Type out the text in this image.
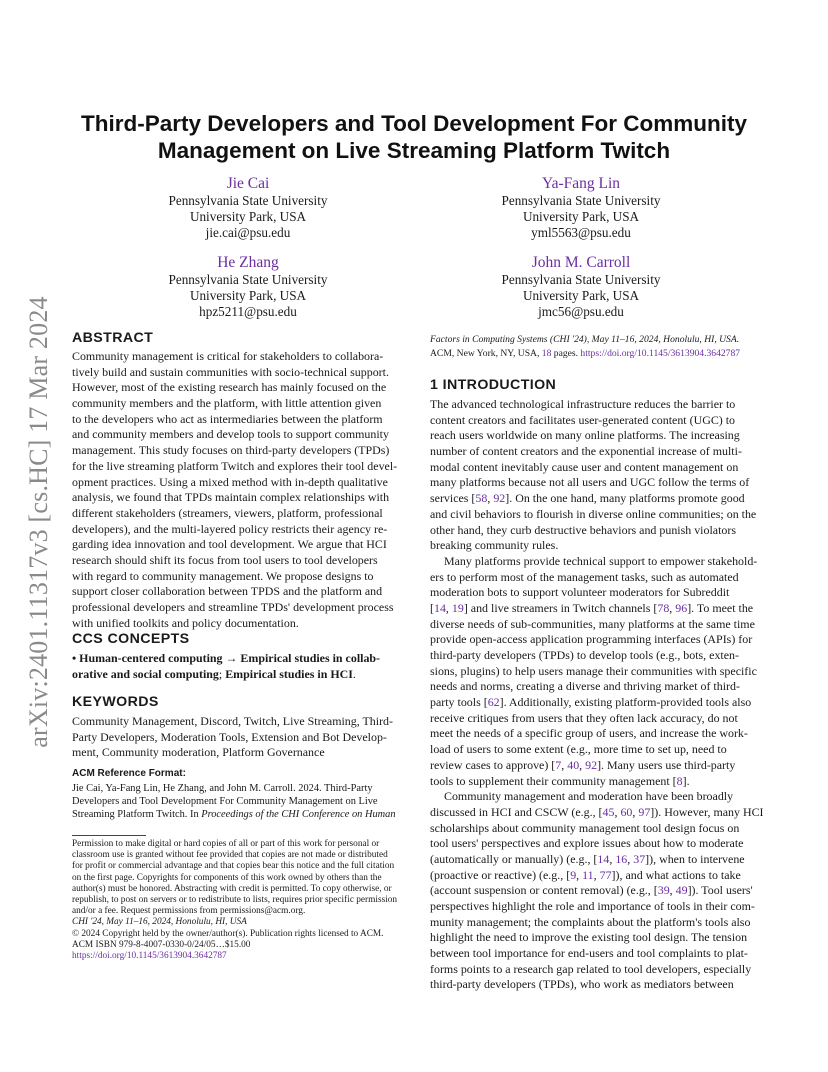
arXiv:2401.11317v3 [cs.HC] 17 Mar 2024
Third-Party Developers and Tool Development For Community
Management on Live Streaming Platform Twitch
Jie Cai
Pennsylvania State University
University Park, USA
jie.cai@psu.edu
Ya-Fang Lin
Pennsylvania State University
University Park, USA
yml5563@psu.edu
He Zhang
Pennsylvania State University
University Park, USA
hpz5211@psu.edu
John M. Carroll
Pennsylvania State University
University Park, USA
jmc56@psu.edu
ABSTRACT
Community management is critical for stakeholders to collabora-
tively build and sustain communities with socio-technical support.
However, most of the existing research has mainly focused on the
community members and the platform, with little attention given
to the developers who act as intermediaries between the platform
and community members and develop tools to support community
management. This study focuses on third-party developers (TPDs)
for the live streaming platform Twitch and explores their tool devel-
opment practices. Using a mixed method with in-depth qualitative
analysis, we found that TPDs maintain complex relationships with
different stakeholders (streamers, viewers, platform, professional
developers), and the multi-layered policy restricts their agency re-
garding idea innovation and tool development. We argue that HCI
research should shift its focus from tool users to tool developers
with regard to community management. We propose designs to
support closer collaboration between TPDS and the platform and
professional developers and streamline TPDs' development process
with unified toolkits and policy documentation.
CCS CONCEPTS
• Human-centered computing → Empirical studies in collab-
orative and social computing; Empirical studies in HCI.
KEYWORDS
Community Management, Discord, Twitch, Live Streaming, Third-
Party Developers, Moderation Tools, Extension and Bot Develop-
ment, Community moderation, Platform Governance
ACM Reference Format:
Jie Cai, Ya-Fang Lin, He Zhang, and John M. Carroll. 2024. Third-Party
Developers and Tool Development For Community Management on Live
Streaming Platform Twitch. In Proceedings of the CHI Conference on Human
Permission to make digital or hard copies of all or part of this work for personal or
classroom use is granted without fee provided that copies are not made or distributed
for profit or commercial advantage and that copies bear this notice and the full citation
on the first page. Copyrights for components of this work owned by others than the
author(s) must be honored. Abstracting with credit is permitted. To copy otherwise, or
republish, to post on servers or to redistribute to lists, requires prior specific permission
and/or a fee. Request permissions from permissions@acm.org.
CHI '24, May 11–16, 2024, Honolulu, HI, USA
© 2024 Copyright held by the owner/author(s). Publication rights licensed to ACM.
ACM ISBN 979-8-4007-0330-0/24/05…$15.00
https://doi.org/10.1145/3613904.3642787
Factors in Computing Systems (CHI '24), May 11–16, 2024, Honolulu, HI, USA.
ACM, New York, NY, USA, 18 pages. https://doi.org/10.1145/3613904.3642787
1 INTRODUCTION
The advanced technological infrastructure reduces the barrier to
content creators and facilitates user-generated content (UGC) to
reach users worldwide on many online platforms. The increasing
number of content creators and the exponential increase of multi-
modal content inevitably cause user and content management on
many platforms because not all users and UGC follow the terms of
services [58, 92]. On the one hand, many platforms promote good
and civil behaviors to flourish in diverse online communities; on the
other hand, they curb destructive behaviors and punish violators
breaking community rules.
Many platforms provide technical support to empower stakehold-
ers to perform most of the management tasks, such as automated
moderation bots to support volunteer moderators for Subreddit
[14, 19] and live streamers in Twitch channels [78, 96]. To meet the
diverse needs of sub-communities, many platforms at the same time
provide open-access application programming interfaces (APIs) for
third-party developers (TPDs) to develop tools (e.g., bots, exten-
sions, plugins) to help users manage their communities with specific
needs and norms, creating a diverse and thriving market of third-
party tools [62]. Additionally, existing platform-provided tools also
receive critiques from users that they often lack accuracy, do not
meet the needs of a specific group of users, and increase the work-
load of users to some extent (e.g., more time to set up, need to
review cases to approve) [7, 40, 92]. Many users use third-party
tools to supplement their community management [8].
Community management and moderation have been broadly
discussed in HCI and CSCW (e.g., [45, 60, 97]). However, many HCI
scholarships about community management tool design focus on
tool users' perspectives and explore issues about how to moderate
(automatically or manually) (e.g., [14, 16, 37]), when to intervene
(proactive or reactive) (e.g., [9, 11, 77]), and what actions to take
(account suspension or content removal) (e.g., [39, 49]). Tool users'
perspectives highlight the role and importance of tools in their com-
munity management; the complaints about the platform's tools also
highlight the need to improve the existing tool design. The tension
between tool importance for end-users and tool complaints to plat-
forms points to a research gap related to tool developers, especially
third-party developers (TPDs), who work as mediators between
